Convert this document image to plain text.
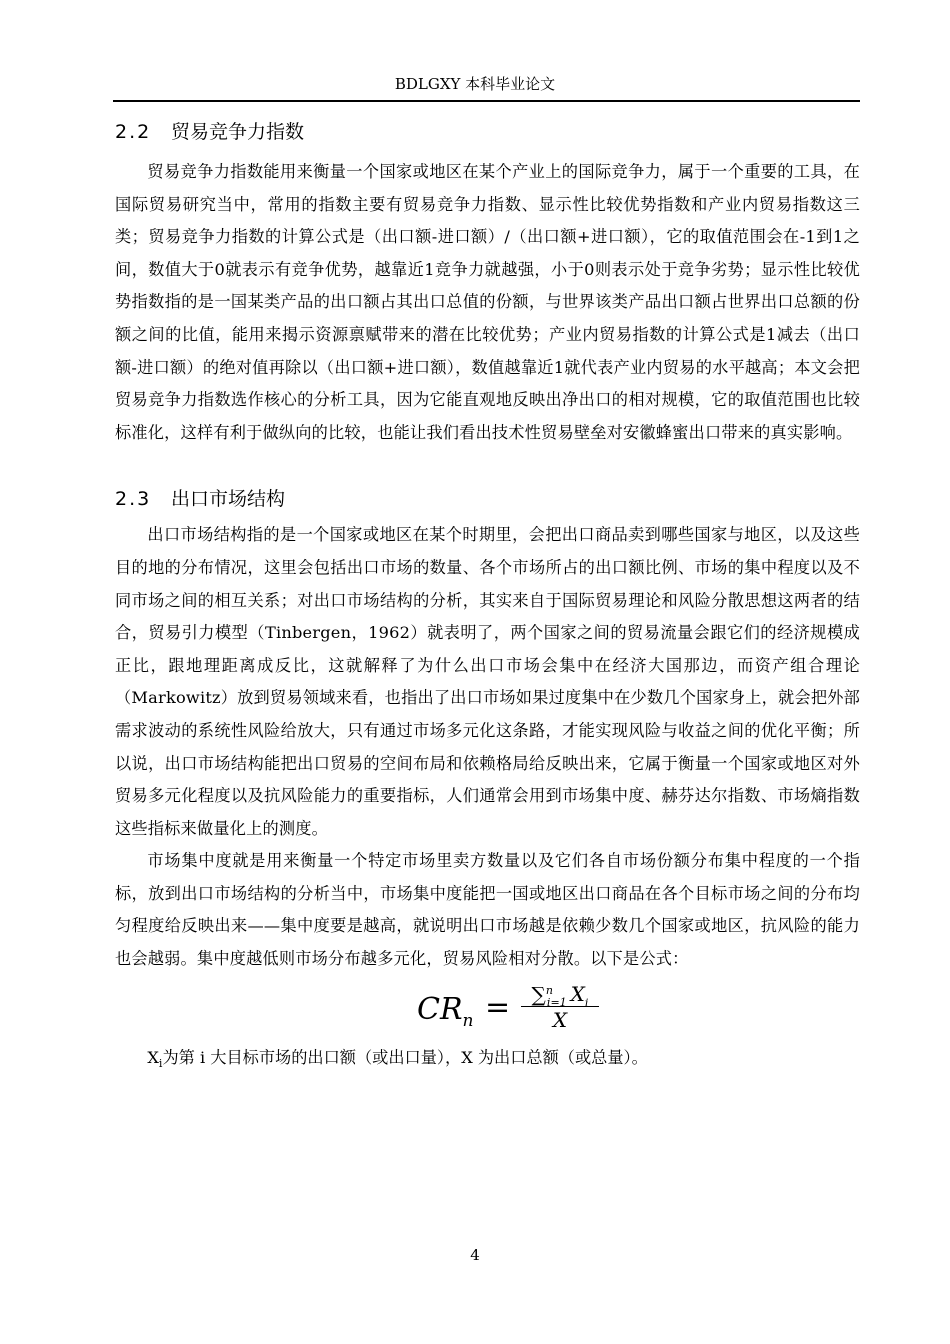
BDLGXY 本科毕业论文
2.2 贸易竞争力指数

贸易竞争力指数能用来衡量一个国家或地区在某个产业上的国际竞争力，属于一个重要的工具，在国际贸易研究当中，常用的指数主要有贸易竞争力指数、显示性比较优势指数和产业内贸易指数这三类；贸易竞争力指数的计算公式是（出口额-进口额）/（出口额+进口额），它的取值范围会在-1到1之间，数值大于0就表示有竞争优势，越靠近1竞争力就越强，小于0则表示处于竞争劣势；显示性比较优势指数指的是一国某类产品的出口额占其出口总值的份额，与世界该类产品出口额占世界出口总额的份额之间的比值，能用来揭示资源禀赋带来的潜在比较优势；产业内贸易指数的计算公式是1减去（出口额-进口额）的绝对值再除以（出口额+进口额），数值越靠近1就代表产业内贸易的水平越高；本文会把贸易竞争力指数选作核心的分析工具，因为它能直观地反映出净出口的相对规模，它的取值范围也比较标准化，这样有利于做纵向的比较，也能让我们看出技术性贸易壁垒对安徽蜂蜜出口带来的真实影响。

2.3 出口市场结构

出口市场结构指的是一个国家或地区在某个时期里，会把出口商品卖到哪些国家与地区，以及这些目的地的分布情况，这里会包括出口市场的数量、各个市场所占的出口额比例、市场的集中程度以及不同市场之间的相互关系；对出口市场结构的分析，其实来自于国际贸易理论和风险分散思想这两者的结合，贸易引力模型（Tinbergen，1962）就表明了，两个国家之间的贸易流量会跟它们的经济规模成正比，跟地理距离成反比，这就解释了为什么出口市场会集中在经济大国那边，而资产组合理论（Markowitz）放到贸易领域来看，也指出了出口市场如果过度集中在少数几个国家身上，就会把外部需求波动的系统性风险给放大，只有通过市场多元化这条路，才能实现风险与收益之间的优化平衡；所以说，出口市场结构能把出口贸易的空间布局和依赖格局给反映出来，它属于衡量一个国家或地区对外贸易多元化程度以及抗风险能力的重要指标，人们通常会用到市场集中度、赫芬达尔指数、市场熵指数这些指标来做量化上的测度。

市场集中度就是用来衡量一个特定市场里卖方数量以及它们各自市场份额分布集中程度的一个指标，放到出口市场结构的分析当中，市场集中度能把一国或地区出口商品在各个目标市场之间的分布均匀程度给反映出来——集中度要是越高，就说明出口市场越是依赖少数几个国家或地区，抗风险的能力也会越弱。集中度越低则市场分布越多元化，贸易风险相对分散。以下是公式：

$CR_n$ =	∑$^n_{i=1}$ $X_i$
X

$X_i$为第 i 大目标市场的出口额（或出口量），X 为出口总额（或总量）。

4
